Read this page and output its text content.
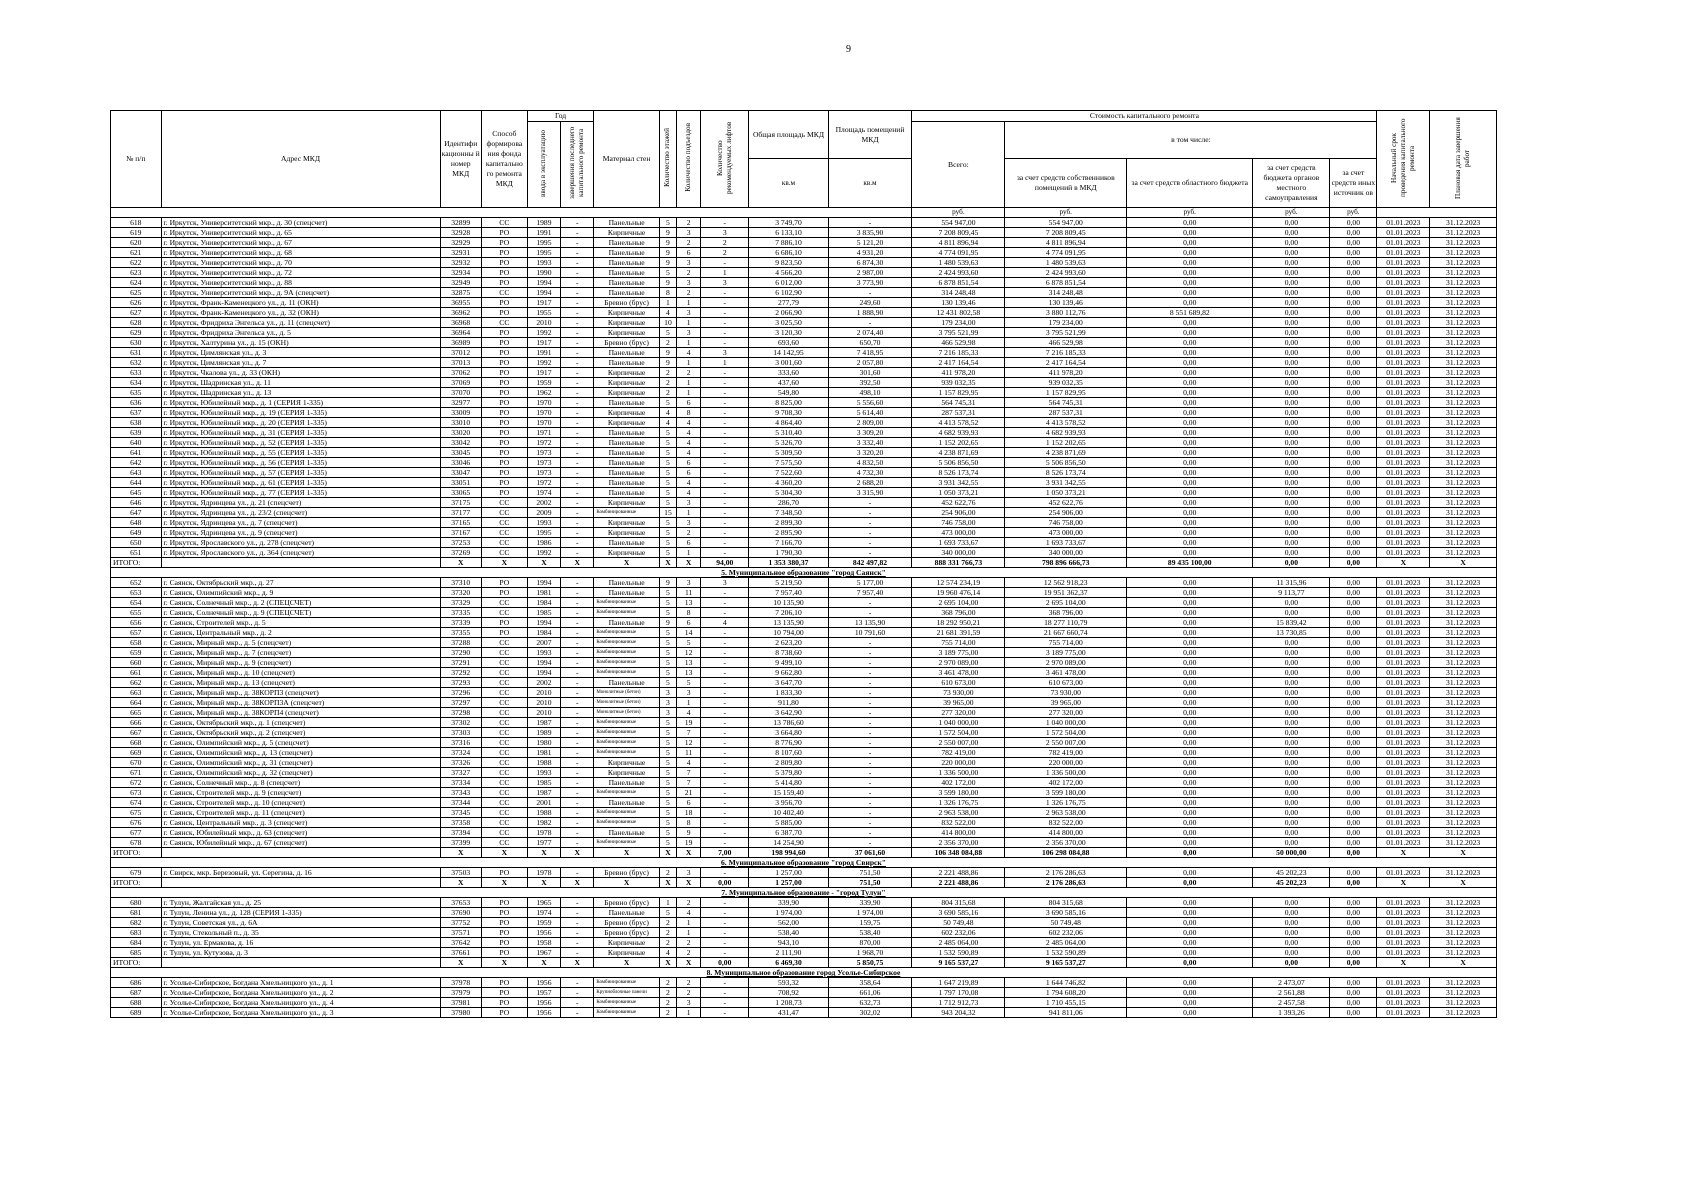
9
№ п/п	Адрес МКД	Идентифи кационны й номер МКД	Способ формирова ния фонда капитально го ремонта МКД	Год		Материал стен	Количество этажей	Количество подъездов	Количество рекомендуемых лифтов	Общая площадь МКД	Площадь помещений МКД	Стоимость капитального ремонта					Начальный срок проведения капитального ремонта	Плановая дата завершения работ
				ввода в эксплуатацию	завершения последнего капитального ремонта							Всего:	в том числе:					
										кв.м	кв.м		за счет средств собственников помещений в МКД	за счет средств областного бюджета	за счет средств бюджета органов местного самоуправления	за счет средств иных источник ов		
												руб.	руб.	руб.	руб.	руб.		
618	г. Иркутск, Университетский мкр., д. 30 (спецсчет)	32899	СС	1989	-	Панельные	5	2	-	3 749,70	-	554 947,00	554 947,00	0,00	0,00	0,00	01.01.2023	31.12.2023
619	г. Иркутск, Университетский мкр., д. 65	32928	РО	1991	-	Кирпичные	9	3	3	6 133,10	3 835,90	7 208 809,45	7 208 809,45	0,00	0,00	0,00	01.01.2023	31.12.2023
620	г. Иркутск, Университетский мкр., д. 67	32929	РО	1995	-	Панельные	9	2	2	7 886,10	5 121,20	4 811 896,94	4 811 896,94	0,00	0,00	0,00	01.01.2023	31.12.2023
621	г. Иркутск, Университетский мкр., д. 68	32931	РО	1995	-	Панельные	9	6	2	6 686,10	4 931,20	4 774 091,95	4 774 091,95	0,00	0,00	0,00	01.01.2023	31.12.2023
622	г. Иркутск, Университетский мкр., д. 70	32932	РО	1993	-	Панельные	9	3	-	9 823,50	6 874,30	1 480 539,63	1 480 539,63	0,00	0,00	0,00	01.01.2023	31.12.2023
623	г. Иркутск, Университетский мкр., д. 72	32934	РО	1990	-	Панельные	5	2	1	4 566,20	2 987,00	2 424 993,60	2 424 993,60	0,00	0,00	0,00	01.01.2023	31.12.2023
624	г. Иркутск, Университетский мкр., д. 88	32949	РО	1994	-	Панельные	9	3	3	6 012,00	3 773,90	6 878 851,54	6 878 851,54	0,00	0,00	0,00	01.01.2023	31.12.2023
625	г. Иркутск, Университетский мкр., д. 9А (спецсчет)	32875	СС	1994	-	Панельные	8	2	-	6 102,90	-	314 248,48	314 248,48	0,00	0,00	0,00	01.01.2023	31.12.2023
626	г. Иркутск, Франк-Каменецкого ул., д. 11 (ОКН)	36955	РО	1917	-	Бревно (брус)	1	1	-	277,79	249,60	130 139,46	130 139,46	0,00	0,00	0,00	01.01.2023	31.12.2023
627	г. Иркутск, Франк-Каменецкого ул., д. 32 (ОКН)	36962	РО	1955	-	Кирпичные	4	3	-	2 066,90	1 888,90	12 431 802,58	3 880 112,76	8 551 689,82	0,00	0,00	01.01.2023	31.12.2023
628	г. Иркутск, Фридриха Энгельса ул., д. 11 (спецсчет)	36968	СС	2010	-	Кирпичные	10	1	-	3 025,50	-	179 234,00	179 234,00	0,00	0,00	0,00	01.01.2023	31.12.2023
629	г. Иркутск, Фридриха Энгельса ул., д. 5	36964	РО	1992	-	Кирпичные	5	3	-	3 120,30	2 074,40	3 795 521,99	3 795 521,99	0,00	0,00	0,00	01.01.2023	31.12.2023
630	г. Иркутск, Халтурина ул., д. 15 (ОКН)	36989	РО	1917	-	Бревно (брус)	2	1	-	693,60	650,70	466 529,98	466 529,98	0,00	0,00	0,00	01.01.2023	31.12.2023
631	г. Иркутск, Цимлянская ул., д. 3	37012	РО	1991	-	Панельные	9	4	3	14 142,95	7 418,95	7 216 185,33	7 216 185,33	0,00	0,00	0,00	01.01.2023	31.12.2023
632	г. Иркутск, Цимлянская ул., д. 7	37013	РО	1992	-	Панельные	9	1	1	3 001,60	2 057,80	2 417 164,54	2 417 164,54	0,00	0,00	0,00	01.01.2023	31.12.2023
633	г. Иркутск, Чкалова ул., д. 33 (ОКН)	37062	РО	1917	-	Кирпичные	2	2	-	333,60	301,60	411 978,20	411 978,20	0,00	0,00	0,00	01.01.2023	31.12.2023
634	г. Иркутск, Шадринская ул., д. 11	37069	РО	1959	-	Кирпичные	2	1	-	437,60	392,50	939 032,35	939 032,35	0,00	0,00	0,00	01.01.2023	31.12.2023
635	г. Иркутск, Шадринская ул., д. 13	37070	РО	1962	-	Кирпичные	2	1	-	549,80	498,10	1 157 829,95	1 157 829,95	0,00	0,00	0,00	01.01.2023	31.12.2023
636	г. Иркутск, Юбилейный мкр., д. 1 (СЕРИЯ 1-335)	32977	РО	1970	-	Панельные	5	6	-	8 825,00	5 556,60	564 745,31	564 745,31	0,00	0,00	0,00	01.01.2023	31.12.2023
637	г. Иркутск, Юбилейный мкр., д. 19 (СЕРИЯ 1-335)	33009	РО	1970	-	Кирпичные	4	8	-	9 708,30	5 614,40	287 537,31	287 537,31	0,00	0,00	0,00	01.01.2023	31.12.2023
638	г. Иркутск, Юбилейный мкр., д. 20 (СЕРИЯ 1-335)	33010	РО	1970	-	Кирпичные	4	4	-	4 864,40	2 809,00	4 413 578,52	4 413 578,52	0,00	0,00	0,00	01.01.2023	31.12.2023
639	г. Иркутск, Юбилейный мкр., д. 31 (СЕРИЯ 1-335)	33020	РО	1971	-	Панельные	5	4	-	5 310,40	3 309,20	4 682 939,93	4 682 939,93	0,00	0,00	0,00	01.01.2023	31.12.2023
640	г. Иркутск, Юбилейный мкр., д. 52 (СЕРИЯ 1-335)	33042	РО	1972	-	Панельные	5	4	-	5 326,70	3 332,40	1 152 202,65	1 152 202,65	0,00	0,00	0,00	01.01.2023	31.12.2023
641	г. Иркутск, Юбилейный мкр., д. 55 (СЕРИЯ 1-335)	33045	РО	1973	-	Панельные	5	4	-	5 309,50	3 320,20	4 238 871,69	4 238 871,69	0,00	0,00	0,00	01.01.2023	31.12.2023
642	г. Иркутск, Юбилейный мкр., д. 56 (СЕРИЯ 1-335)	33046	РО	1973	-	Панельные	5	6	-	7 575,50	4 832,50	5 506 856,50	5 506 856,50	0,00	0,00	0,00	01.01.2023	31.12.2023
643	г. Иркутск, Юбилейный мкр., д. 57 (СЕРИЯ 1-335)	33047	РО	1973	-	Панельные	5	6	-	7 522,60	4 732,30	8 526 173,74	8 526 173,74	0,00	0,00	0,00	01.01.2023	31.12.2023
644	г. Иркутск, Юбилейный мкр., д. 61 (СЕРИЯ 1-335)	33051	РО	1972	-	Панельные	5	4	-	4 360,20	2 688,20	3 931 342,55	3 931 342,55	0,00	0,00	0,00	01.01.2023	31.12.2023
645	г. Иркутск, Юбилейный мкр., д. 77 (СЕРИЯ 1-335)	33065	РО	1974	-	Панельные	5	4	-	5 304,30	3 315,90	1 050 373,21	1 050 373,21	0,00	0,00	0,00	01.01.2023	31.12.2023
646	г. Иркутск, Ядринцева ул., д. 21 (спецсчет)	37175	СС	2002	-	Кирпичные	5	3	-	286,70	-	452 622,76	452 622,76	0,00	0,00	0,00	01.01.2023	31.12.2023
647	г. Иркутск, Ядринцева ул., д. 23/2 (спецсчет)	37177	СС	2009	-	Комбинированные	15	1	-	7 348,50	-	254 906,00	254 906,00	0,00	0,00	0,00	01.01.2023	31.12.2023
648	г. Иркутск, Ядринцева ул., д. 7 (спецсчет)	37165	СС	1993	-	Кирпичные	5	3	-	2 899,30	-	746 758,00	746 758,00	0,00	0,00	0,00	01.01.2023	31.12.2023
649	г. Иркутск, Ядринцева ул., д. 9 (спецсчет)	37167	СС	1995	-	Кирпичные	5	2	-	2 895,90	-	473 000,00	473 000,00	0,00	0,00	0,00	01.01.2023	31.12.2023
650	г. Иркутск, Ярославского ул., д. 278 (спецсчет)	37253	СС	1986	-	Панельные	5	6	-	7 166,70	-	1 693 733,67	1 693 733,67	0,00	0,00	0,00	01.01.2023	31.12.2023
651	г. Иркутск, Ярославского ул., д. 364 (спецсчет)	37269	СС	1992	-	Кирпичные	5	1	-	1 790,30	-	340 000,00	340 000,00	0,00	0,00	0,00	01.01.2023	31.12.2023
ИТОГО:		X	X	X	X	X	X	X	94,00	1 353 380,37	842 497,82	888 331 766,73	798 896 666,73	89 435 100,00	0,00	0,00	X	X
5. Муниципальное образование "город Саянск"																		
652	г. Саянск, Октябрьский мкр., д. 27	37310	РО	1994	-	Панельные	9	3	3	5 219,50	5 177,00	12 574 234,19	12 562 918,23	0,00	11 315,96	0,00	01.01.2023	31.12.2023
653	г. Саянск, Олимпийский мкр., д. 9	37320	РО	1981	-	Панельные	5	11	-	7 957,40	7 957,40	19 960 476,14	19 951 362,37	0,00	9 113,77	0,00	01.01.2023	31.12.2023
654	г. Саянск, Солнечный мкр., д. 2 (СПЕЦСЧЕТ)	37329	СС	1984	-	Комбинированные	5	13	-	10 135,90	-	2 695 104,00	2 695 104,00	0,00	0,00	0,00	01.01.2023	31.12.2023
655	г. Саянск, Солнечный мкр., д. 9 (СПЕЦСЧЕТ)	37335	СС	1985	-	Комбинированные	5	8	-	7 206,10	-	368 796,00	368 796,00	0,00	0,00	0,00	01.01.2023	31.12.2023
656	г. Саянск, Строителей мкр., д. 5	37339	РО	1994	-	Панельные	9	6	4	13 135,90	13 135,90	18 292 950,21	18 277 110,79	0,00	15 839,42	0,00	01.01.2023	31.12.2023
657	г. Саянск, Центральный мкр., д. 2	37355	РО	1984	-	Комбинированные	5	14	-	10 794,00	10 791,60	21 681 391,59	21 667 660,74	0,00	13 730,85	0,00	01.01.2023	31.12.2023
658	г. Саянск, Мирный мкр., д. 5 (спецсчет)	37288	СС	2007	-	Комбинированные	5	5	-	2 623,20	-	755 714,00	755 714,00	0,00	0,00	0,00	01.01.2023	31.12.2023
659	г. Саянск, Мирный мкр., д. 7 (спецсчет)	37290	СС	1993	-	Комбинированные	5	12	-	8 738,60	-	3 189 775,00	3 189 775,00	0,00	0,00	0,00	01.01.2023	31.12.2023
660	г. Саянск, Мирный мкр., д. 9 (спецсчет)	37291	СС	1994	-	Комбинированные	5	13	-	9 499,10	-	2 970 089,00	2 970 089,00	0,00	0,00	0,00	01.01.2023	31.12.2023
661	г. Саянск, Мирный мкр., д. 10 (спецсчет)	37292	СС	1994	-	Комбинированные	5	13	-	9 662,80	-	3 461 478,00	3 461 478,00	0,00	0,00	0,00	01.01.2023	31.12.2023
662	г. Саянск, Мирный мкр., д. 13 (спецсчет)	37293	СС	2002	-	Панельные	5	5	-	3 647,70	-	610 673,00	610 673,00	0,00	0,00	0,00	01.01.2023	31.12.2023
663	г. Саянск, Мирный мкр., д. 38КОРП3 (спецсчет)	37296	СС	2010	-	Монолитные (бетон)	3	3	-	1 833,30	-	73 930,00	73 930,00	0,00	0,00	0,00	01.01.2023	31.12.2023
664	г. Саянск, Мирный мкр., д. 38КОРП3А (спецсчет)	37297	СС	2010	-	Монолитные (бетон)	3	1	-	911,80	-	39 965,00	39 965,00	0,00	0,00	0,00	01.01.2023	31.12.2023
665	г. Саянск, Мирный мкр., д. 38КОРП4 (спецсчет)	37298	СС	2010	-	Монолитные (бетон)	3	4	-	3 642,90	-	277 320,00	277 320,00	0,00	0,00	0,00	01.01.2023	31.12.2023
666	г. Саянск, Октябрьский мкр., д. 1 (спецсчет)	37302	СС	1987	-	Комбинированные	5	19	-	13 786,60	-	1 040 000,00	1 040 000,00	0,00	0,00	0,00	01.01.2023	31.12.2023
667	г. Саянск, Октябрьский мкр., д. 2 (спецсчет)	37303	СС	1989	-	Комбинированные	5	7	-	3 664,80	-	1 572 504,00	1 572 504,00	0,00	0,00	0,00	01.01.2023	31.12.2023
668	г. Саянск, Олимпийский мкр., д. 5 (спецсчет)	37316	СС	1980	-	Комбинированные	5	12	-	8 776,90	-	2 550 007,00	2 550 007,00	0,00	0,00	0,00	01.01.2023	31.12.2023
669	г. Саянск, Олимпийский мкр., д. 13 (спецсчет)	37324	СС	1981	-	Комбинированные	5	11	-	8 107,60	-	782 419,00	782 419,00	0,00	0,00	0,00	01.01.2023	31.12.2023
670	г. Саянск, Олимпийский мкр., д. 31 (спецсчет)	37326	СС	1988	-	Кирпичные	5	4	-	2 809,80	-	220 000,00	220 000,00	0,00	0,00	0,00	01.01.2023	31.12.2023
671	г. Саянск, Олимпийский мкр., д. 32 (спецсчет)	37327	СС	1993	-	Кирпичные	5	7	-	5 379,80	-	1 336 500,00	1 336 500,00	0,00	0,00	0,00	01.01.2023	31.12.2023
672	г. Саянск, Солнечный мкр., д. 8 (спецсчет)	37334	СС	1985	-	Панельные	5	7	-	5 414,80	-	402 172,00	402 172,00	0,00	0,00	0,00	01.01.2023	31.12.2023
673	г. Саянск, Строителей мкр., д. 9 (спецсчет)	37343	СС	1987	-	Комбинированные	5	21	-	15 159,40	-	3 599 180,00	3 599 180,00	0,00	0,00	0,00	01.01.2023	31.12.2023
674	г. Саянск, Строителей мкр., д. 10 (спецсчет)	37344	СС	2001	-	Панельные	5	6	-	3 956,70	-	1 326 176,75	1 326 176,75	0,00	0,00	0,00	01.01.2023	31.12.2023
675	г. Саянск, Строителей мкр., д. 11 (спецсчет)	37345	СС	1988	-	Комбинированные	5	18	-	10 402,40	-	2 963 538,00	2 963 538,00	0,00	0,00	0,00	01.01.2023	31.12.2023
676	г. Саянск, Центральный мкр., д. 3 (спецсчет)	37358	СС	1982	-	Комбинированные	5	8	-	5 885,00	-	832 522,00	832 522,00	0,00	0,00	0,00	01.01.2023	31.12.2023
677	г. Саянск, Юбилейный мкр., д. 63 (спецсчет)	37394	СС	1978	-	Панельные	5	9	-	6 387,70	-	414 800,00	414 800,00	0,00	0,00	0,00	01.01.2023	31.12.2023
678	г. Саянск, Юбилейный мкр., д. 67 (спецсчет)	37399	СС	1977	-	Комбинированные	5	19	-	14 254,90	-	2 356 370,00	2 356 370,00	0,00	0,00	0,00	01.01.2023	31.12.2023
ИТОГО:		X	X	X	X	X	X	X	7,00	198 994,60	37 061,60	106 348 084,88	106 298 084,88	0,00	50 000,00	0,00	X	X
6. Муниципальное образование "город Свирск"																		
679	г. Свирск, мкр. Березовый, ул. Серегина, д. 16	37503	РО	1978	-	Бревно (брус)	2	3	-	1 257,00	751,50	2 221 488,86	2 176 286,63	0,00	45 202,23	0,00	01.01.2023	31.12.2023
ИТОГО:		X	X	X	X	X	X	X	0,00	1 257,00	751,50	2 221 488,86	2 176 286,63	0,00	45 202,23	0,00	X	X
7. Муниципальное образование - "город Тулун"																		
680	г. Тулун, Жалгайская ул., д. 25	37653	РО	1965	-	Бревно (брус)	1	2	-	339,90	339,90	804 315,68	804 315,68	0,00	0,00	0,00	01.01.2023	31.12.2023
681	г. Тулун, Ленина ул., д. 128 (СЕРИЯ 1-335)	37690	РО	1974	-	Панельные	5	4	-	1 974,00	1 974,00	3 690 585,16	3 690 585,16	0,00	0,00	0,00	01.01.2023	31.12.2023
682	г. Тулун, Советская ул., д. 6А	37752	РО	1959	-	Бревно (брус)	2	1	-	562,00	159,75	50 749,48	50 749,48	0,00	0,00	0,00	01.01.2023	31.12.2023
683	г. Тулун, Стекольный п., д. 35	37571	РО	1956	-	Бревно (брус)	2	1	-	538,40	538,40	602 232,06	602 232,06	0,00	0,00	0,00	01.01.2023	31.12.2023
684	г. Тулун, ул. Ермакова, д. 16	37642	РО	1958	-	Кирпичные	2	2	-	943,10	870,00	2 485 064,00	2 485 064,00	0,00	0,00	0,00	01.01.2023	31.12.2023
685	г. Тулун, ул. Кутузова, д. 3	37661	РО	1967	-	Кирпичные	4	2	-	2 111,90	1 968,70	1 532 590,89	1 532 590,89	0,00	0,00	0,00	01.01.2023	31.12.2023
ИТОГО:		X	X	X	X	X	X	X	0,00	6 469,30	5 850,75	9 165 537,27	9 165 537,27	0,00	0,00	0,00	X	X
8. Муниципальное образование город Усолье-Сибирское																		
686	г. Усолье-Сибирское, Богдана Хмельницкого ул., д. 1	37978	РО	1956	-	Комбинированные	2	2	-	593,32	358,64	1 647 219,89	1 644 746,82	0,00	2 473,07	0,00	01.01.2023	31.12.2023
687	г. Усолье-Сибирское, Богдана Хмельницкого ул., д. 2	37979	РО	1957	-	Крупноблочные панели	2	2	-	708,92	661,06	1 797 170,08	1 794 608,20	0,00	2 561,88	0,00	01.01.2023	31.12.2023
688	г. Усолье-Сибирское, Богдана Хмельницкого ул., д. 4	37981	РО	1956	-	Комбинированные	2	3	-	1 208,73	632,73	1 712 912,73	1 710 455,15	0,00	2 457,58	0,00	01.01.2023	31.12.2023
689	г. Усолье-Сибирское, Богдана Хмельницкого ул., д. 3	37980	РО	1956	-	Комбинированные	2	1	-	431,47	302,02	943 204,32	941 811,06	0,00	1 393,26	0,00	01.01.2023	31.12.2023
